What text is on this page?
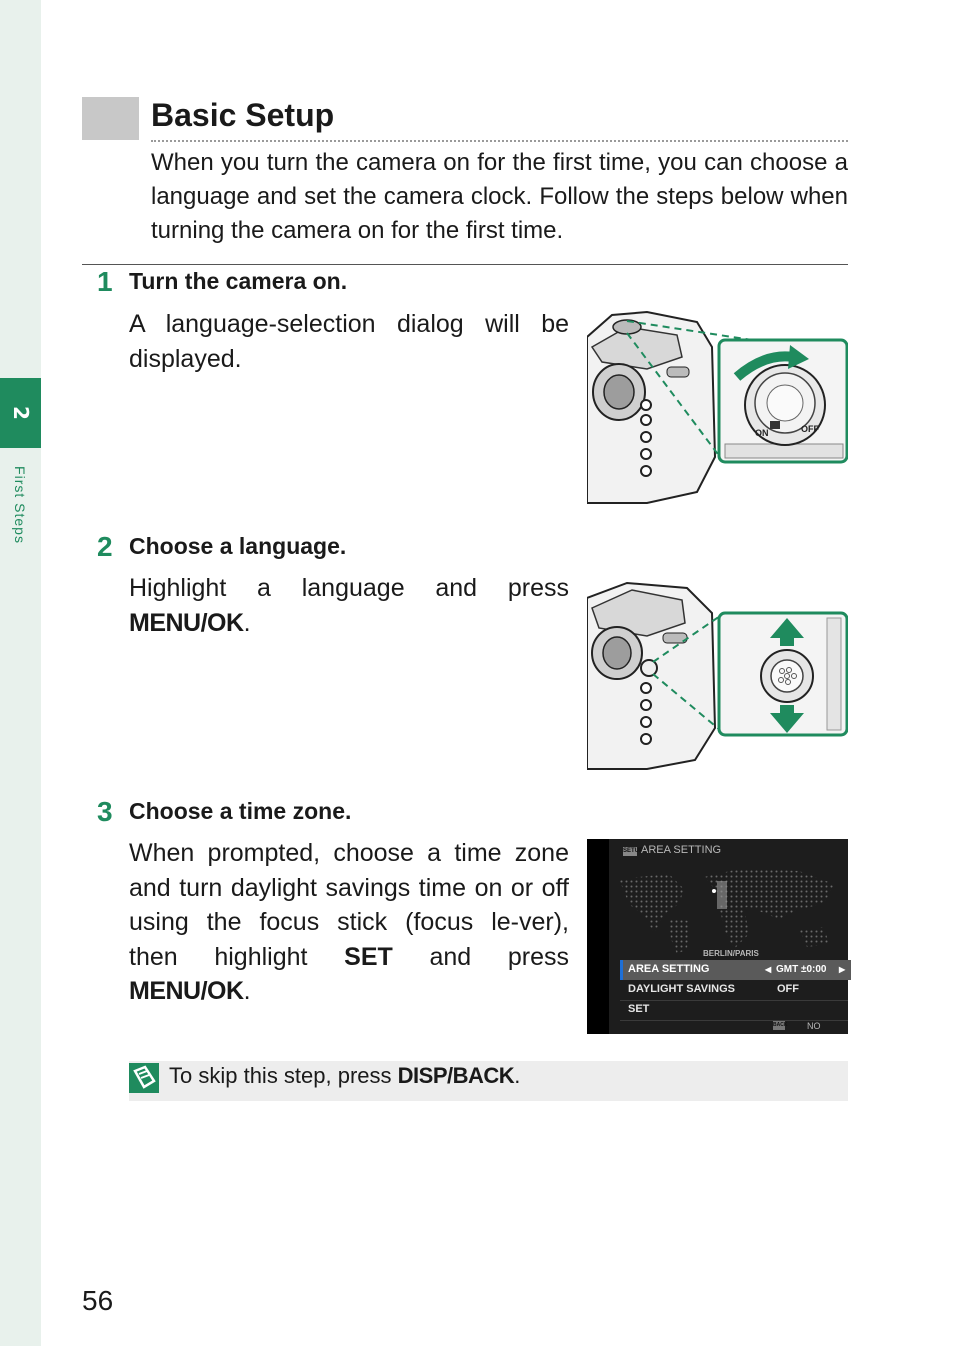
2
First Steps
Basic Setup

When you turn the camera on for the first time, you can choose a language and set the camera clock. Follow the steps below when turning the camera on for the first time.

1 Turn the camera on.

A language-selection dialog will be displayed.

ON	OFF
2 Choose a language.

Highlight a language and press MENU/OK.

3 Choose a time zone.

When prompted, choose a time zone and turn daylight savings time on or off using the focus stick (focus le-ver), then highlight SET and press MENU/OK.

SETUP
AREA SETTING
BERLIN/PARIS
AREA SETTING	◀ GMT ±0:00 ▶
DAYLIGHT SAVINGS	OFF
SET
BACK NO
To skip this step, press DISP/BACK.
56
